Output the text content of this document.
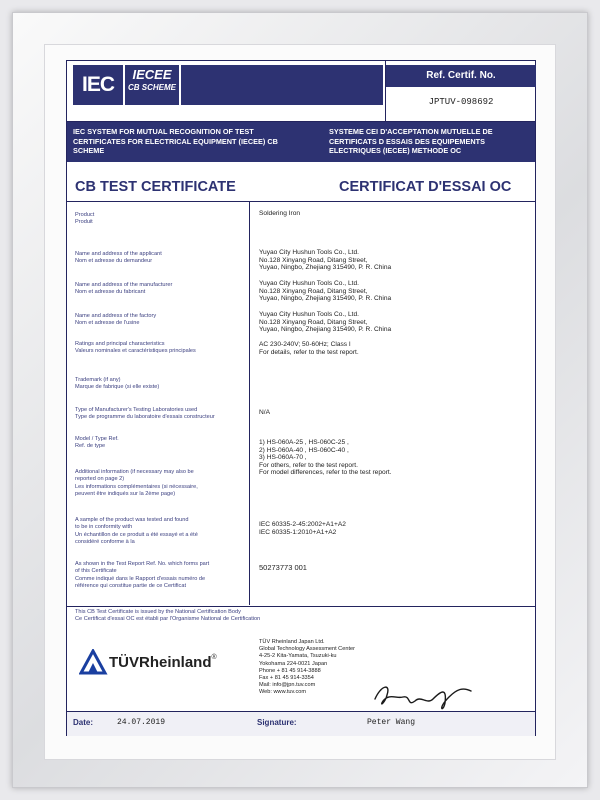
IEC	IECEE
CB SCHEME
Ref. Certif. No.
JPTUV-098692
IEC SYSTEM FOR MUTUAL RECOGNITION OF TEST CERTIFICATES FOR ELECTRICAL EQUIPMENT (IECEE) CB SCHEME
SYSTEME CEI D'ACCEPTATION MUTUELLE DE CERTIFICATS D ESSAIS DES EQUIPEMENTS ELECTRIQUES (IECEE) METHODE OC
CB TEST CERTIFICATE	CERTIFICAT D'ESSAI OC
Product
Produit
Soldering Iron
Name and address of the applicant
Nom et adresse du demandeur
Yuyao City Hushun Tools Co., Ltd.
No.128 Xinyang Road, Ditang Street,
Yuyao, Ningbo, Zhejiang 315490, P. R. China
Name and address of the manufacturer
Nom et adresse du fabricant
Yuyao City Hushun Tools Co., Ltd.
No.128 Xinyang Road, Ditang Street,
Yuyao, Ningbo, Zhejiang 315490, P. R. China
Name and address of the factory
Nom et adresse de l'usine
Yuyao City Hushun Tools Co., Ltd.
No.128 Xinyang Road, Ditang Street,
Yuyao, Ningbo, Zhejiang 315490, P. R. China
Ratings and principal characteristics
Valeurs nominales et caractéristiques principales
AC 230-240V; 50-60Hz; Class I
For details, refer to the test report.
Trademark (if any)
Marque de fabrique (si elle existe)
Type of Manufacturer's Testing Laboratories used
Type de programme du laboratoire d'essais constructeur
N/A
Model / Type Ref.
Ref. de type
1) HS-060A-25 , HS-060C-25 ,
2) HS-060A-40 , HS-060C-40 ,
3) HS-060A-70 ,
For others, refer to the test report.
For model differences, refer to the test report.
Additional information (if necessary may also be
reported on page 2)
Les informations complémentaires (si nécessaire,
peuvent être indiqués sur la 2ème page)
A sample of the product was tested and found
to be in conformity with
Un échantillon de ce produit a été essayé et a été
considéré conforme à la
IEC 60335-2-45:2002+A1+A2
IEC 60335-1:2010+A1+A2
As shown in the Test Report Ref. No. which forms part
of this Certificate
Comme indiqué dans le Rapport d'essais numéro de
référence qui constitue partie de ce Certificat
50273773 001
This CB Test Certificate is issued by the National Certification Body
Ce Certificat d'essai OC est établi par l'Organisme National de Certification
TÜVRheinland®
TÜV Rheinland Japan Ltd.
Global Technology Assessment Center
4-25-2 Kita-Yamata, Tsuzuki-ku
Yokohama 224-0021 Japan
Phone + 81 45 914-3888
Fax + 81 45 914-3354
Mail: info@jpn.tuv.com
Web: www.tuv.com
Date:	24.07.2019	Signature:	Peter Wang
